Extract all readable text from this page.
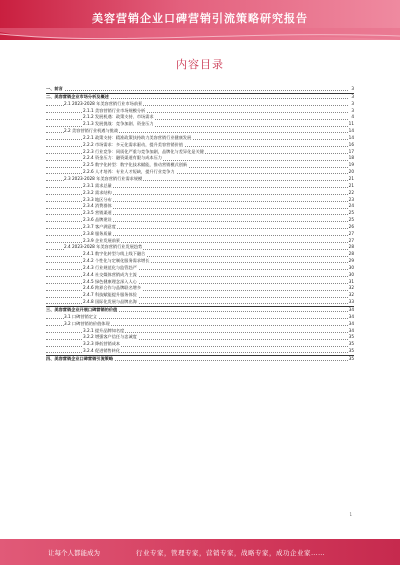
美容营销企业口碑营销引流策略研究报告
内容目录
一、前言	3
二、美容营销企业市场分析及概述	3
2.1 2023-2028 年美容营销行业市场前景	3
2.1.1 美容营销行业市场规模分析	3
2.1.2 发展机遇：政策支持、市场需求	4
2.1.3 发展挑战：竞争加剧、资金压力	11
2.2 美容营销行业机遇与挑战	14
2.2.1 政策支持：精准政策扶持助力美容营销行业健康发展	14
2.2.2 市场需求：多元化需求驱动，提升美容营销价值	16
2.2.3 行业竞争：同质化严重与竞争加剧，品牌化与差异化是关键	17
2.2.4 资金压力：融资渠道有限与成本压力	18
2.2.5 数字化转型：数字化技术赋能，推动营销模式创新	19
2.2.6 人才培养：专业人才短缺，提升行业竞争力	20
2.3 2023-2028 年美容营销行业需求规模	21
2.3.1 需求总量	21
2.3.2 需求结构	22
2.3.3 地区分布	23
2.3.4 消费群体	24
2.3.5 营销渠道	25
2.3.6 品牌建设	25
2.3.7 客户满意度	26
2.3.8 服务质量	27
2.3.9 企业发展前景	27
2.4 2023-2028 年美容营销行业发展趋势	28
2.4.1 数字化转型与线上线下融合	28
2.4.2 个性化与定制化服务需求增长	29
2.4.3 行业规范化与监管趋严	30
2.4.4 社交媒体营销成为主流	30
2.4.5 绿色健康理念深入人心	31
2.4.6 跨界合作与品牌联名增多	32
2.4.7 科技赋能提升服务体验	32
2.4.8 国际化发展与品牌出海	33
三、美容营销企业开展口碑营销的价值	34
3.1 口碑营销定义	34
3.2 口碑营销的价值体现	34
3.2.1 提升品牌知名度	34
3.2.2 增强客户信任与忠诚度	35
3.2.3 降低营销成本	35
3.2.4 促进销售转化	35
四、美容营销企业口碑营销引流策略	35
1
让每个人都能成为	行业专家，管理专家，营销专家，战略专家，成功企业家……
